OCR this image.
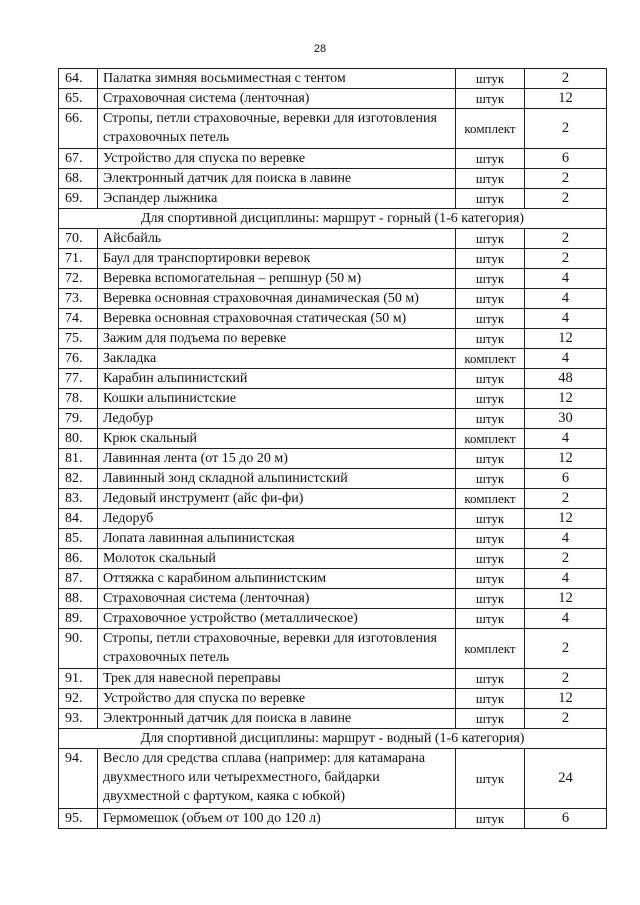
28
64.	Палатка зимняя восьмиместная с тентом	штук	2
65.	Страховочная система (ленточная)	штук	12
66.	Стропы, петли страховочные, веревки для изготовления страховочных петель	комплект	2
67.	Устройство для спуска по веревке	штук	6
68.	Электронный датчик для поиска в лавине	штук	2
69.	Эспандер лыжника	штук	2
Для спортивной дисциплины: маршрут - горный (1-6 категория)			
70.	Айсбайль	штук	2
71.	Баул для транспортировки веревок	штук	2
72.	Веревка вспомогательная – репшнур (50 м)	штук	4
73.	Веревка основная страховочная динамическая (50 м)	штук	4
74.	Веревка основная страховочная статическая (50 м)	штук	4
75.	Зажим для подъема по веревке	штук	12
76.	Закладка	комплект	4
77.	Карабин альпинистский	штук	48
78.	Кошки альпинистские	штук	12
79.	Ледобур	штук	30
80.	Крюк скальный	комплект	4
81.	Лавинная лента (от 15 до 20 м)	штук	12
82.	Лавинный зонд складной альпинистский	штук	6
83.	Ледовый инструмент (айс фи-фи)	комплект	2
84.	Ледоруб	штук	12
85.	Лопата лавинная альпинистская	штук	4
86.	Молоток скальный	штук	2
87.	Оттяжка с карабином альпинистским	штук	4
88.	Страховочная система (ленточная)	штук	12
89.	Страховочное устройство (металлическое)	штук	4
90.	Стропы, петли страховочные, веревки для изготовления страховочных петель	комплект	2
91.	Трек для навесной переправы	штук	2
92.	Устройство для спуска по веревке	штук	12
93.	Электронный датчик для поиска в лавине	штук	2
Для спортивной дисциплины: маршрут - водный (1-6 категория)			
94.	Весло для средства сплава (например: для катамарана двухместного или четырехместного, байдарки двухместной с фартуком, каяка с юбкой)	штук	24
95.	Гермомешок (объем от 100 до 120 л)	штук	6
